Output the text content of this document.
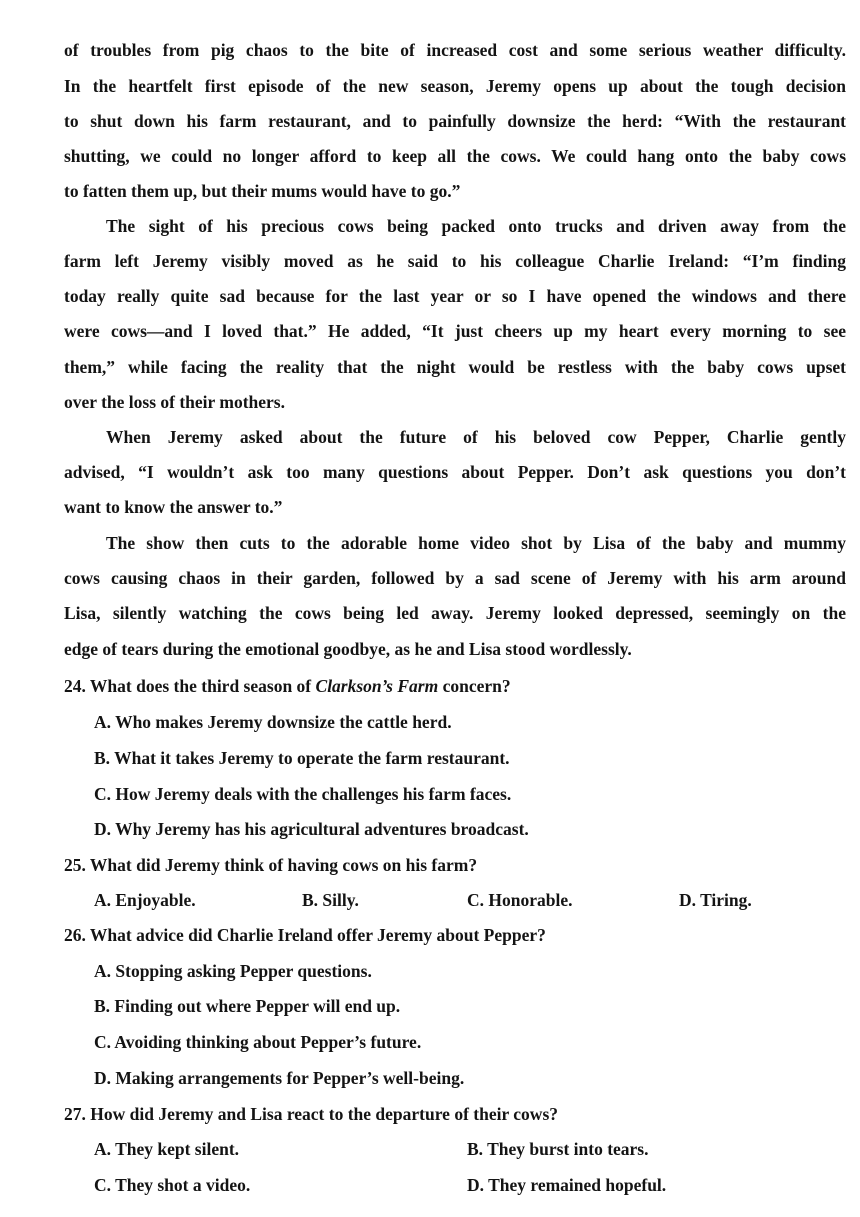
of troubles from pig chaos to the bite of increased cost and some serious weather difficulty.
In the heartfelt first episode of the new season, Jeremy opens up about the tough decision
to shut down his farm restaurant, and to painfully downsize the herd: “With the restaurant
shutting, we could no longer afford to keep all the cows. We could hang onto the baby cows
to fatten them up, but their mums would have to go.”
The sight of his precious cows being packed onto trucks and driven away from the
farm left Jeremy visibly moved as he said to his colleague Charlie Ireland: “I’m finding
today really quite sad because for the last year or so I have opened the windows and there
were cows—and I loved that.” He added, “It just cheers up my heart every morning to see
them,” while facing the reality that the night would be restless with the baby cows upset
over the loss of their mothers.
When Jeremy asked about the future of his beloved cow Pepper, Charlie gently
advised, “I wouldn’t ask too many questions about Pepper. Don’t ask questions you don’t
want to know the answer to.”
The show then cuts to the adorable home video shot by Lisa of the baby and mummy
cows causing chaos in their garden, followed by a sad scene of Jeremy with his arm around
Lisa, silently watching the cows being led away. Jeremy looked depressed, seemingly on the
edge of tears during the emotional goodbye, as he and Lisa stood wordlessly.
24. What does the third season of Clarkson’s Farm concern?
A. Who makes Jeremy downsize the cattle herd.
B. What it takes Jeremy to operate the farm restaurant.
C. How Jeremy deals with the challenges his farm faces.
D. Why Jeremy has his agricultural adventures broadcast.
25. What did Jeremy think of having cows on his farm?
A. Enjoyable.	B. Silly.	C. Honorable.	D. Tiring.
26. What advice did Charlie Ireland offer Jeremy about Pepper?
A. Stopping asking Pepper questions.
B. Finding out where Pepper will end up.
C. Avoiding thinking about Pepper’s future.
D. Making arrangements for Pepper’s well-being.
27. How did Jeremy and Lisa react to the departure of their cows?
A. They kept silent.	B. They burst into tears.
C. They shot a video.	D. They remained hopeful.
